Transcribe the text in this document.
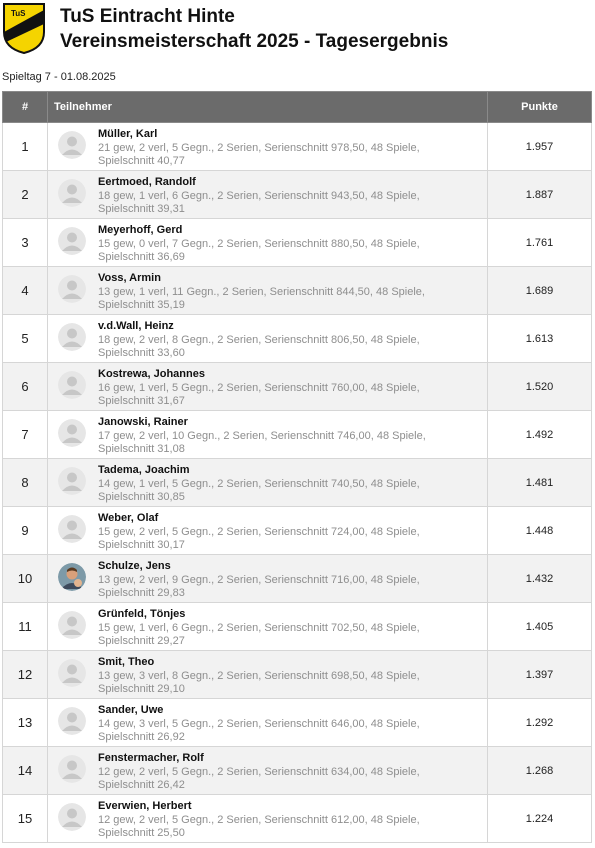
TuS TuS Eintracht Hinte
Vereinsmeisterschaft 2025 - Tagesergebnis
Spieltag 7 - 01.08.2025
#	Teilnehmer	Punkte
1	Müller, Karl
21 gew, 2 verl, 5 Gegn., 2 Serien, Serienschnitt 978,50, 48 Spiele, Spielschnitt 40,77	1.957
2	Eertmoed, Randolf
18 gew, 1 verl, 6 Gegn., 2 Serien, Serienschnitt 943,50, 48 Spiele, Spielschnitt 39,31	1.887
3	Meyerhoff, Gerd
15 gew, 0 verl, 7 Gegn., 2 Serien, Serienschnitt 880,50, 48 Spiele, Spielschnitt 36,69	1.761
4	Voss, Armin
13 gew, 1 verl, 11 Gegn., 2 Serien, Serienschnitt 844,50, 48 Spiele, Spielschnitt 35,19	1.689
5	v.d.Wall, Heinz
18 gew, 2 verl, 8 Gegn., 2 Serien, Serienschnitt 806,50, 48 Spiele, Spielschnitt 33,60	1.613
6	Kostrewa, Johannes
16 gew, 1 verl, 5 Gegn., 2 Serien, Serienschnitt 760,00, 48 Spiele, Spielschnitt 31,67	1.520
7	Janowski, Rainer
17 gew, 2 verl, 10 Gegn., 2 Serien, Serienschnitt 746,00, 48 Spiele, Spielschnitt 31,08	1.492
8	Tadema, Joachim
14 gew, 1 verl, 5 Gegn., 2 Serien, Serienschnitt 740,50, 48 Spiele, Spielschnitt 30,85	1.481
9	Weber, Olaf
15 gew, 2 verl, 5 Gegn., 2 Serien, Serienschnitt 724,00, 48 Spiele, Spielschnitt 30,17	1.448
10	Schulze, Jens
13 gew, 2 verl, 9 Gegn., 2 Serien, Serienschnitt 716,00, 48 Spiele, Spielschnitt 29,83	1.432
11	Grünfeld, Tönjes
15 gew, 1 verl, 6 Gegn., 2 Serien, Serienschnitt 702,50, 48 Spiele, Spielschnitt 29,27	1.405
12	Smit, Theo
13 gew, 3 verl, 8 Gegn., 2 Serien, Serienschnitt 698,50, 48 Spiele, Spielschnitt 29,10	1.397
13	Sander, Uwe
14 gew, 3 verl, 5 Gegn., 2 Serien, Serienschnitt 646,00, 48 Spiele, Spielschnitt 26,92	1.292
14	Fenstermacher, Rolf
12 gew, 2 verl, 5 Gegn., 2 Serien, Serienschnitt 634,00, 48 Spiele, Spielschnitt 26,42	1.268
15	Everwien, Herbert
12 gew, 2 verl, 5 Gegn., 2 Serien, Serienschnitt 612,00, 48 Spiele, Spielschnitt 25,50	1.224
